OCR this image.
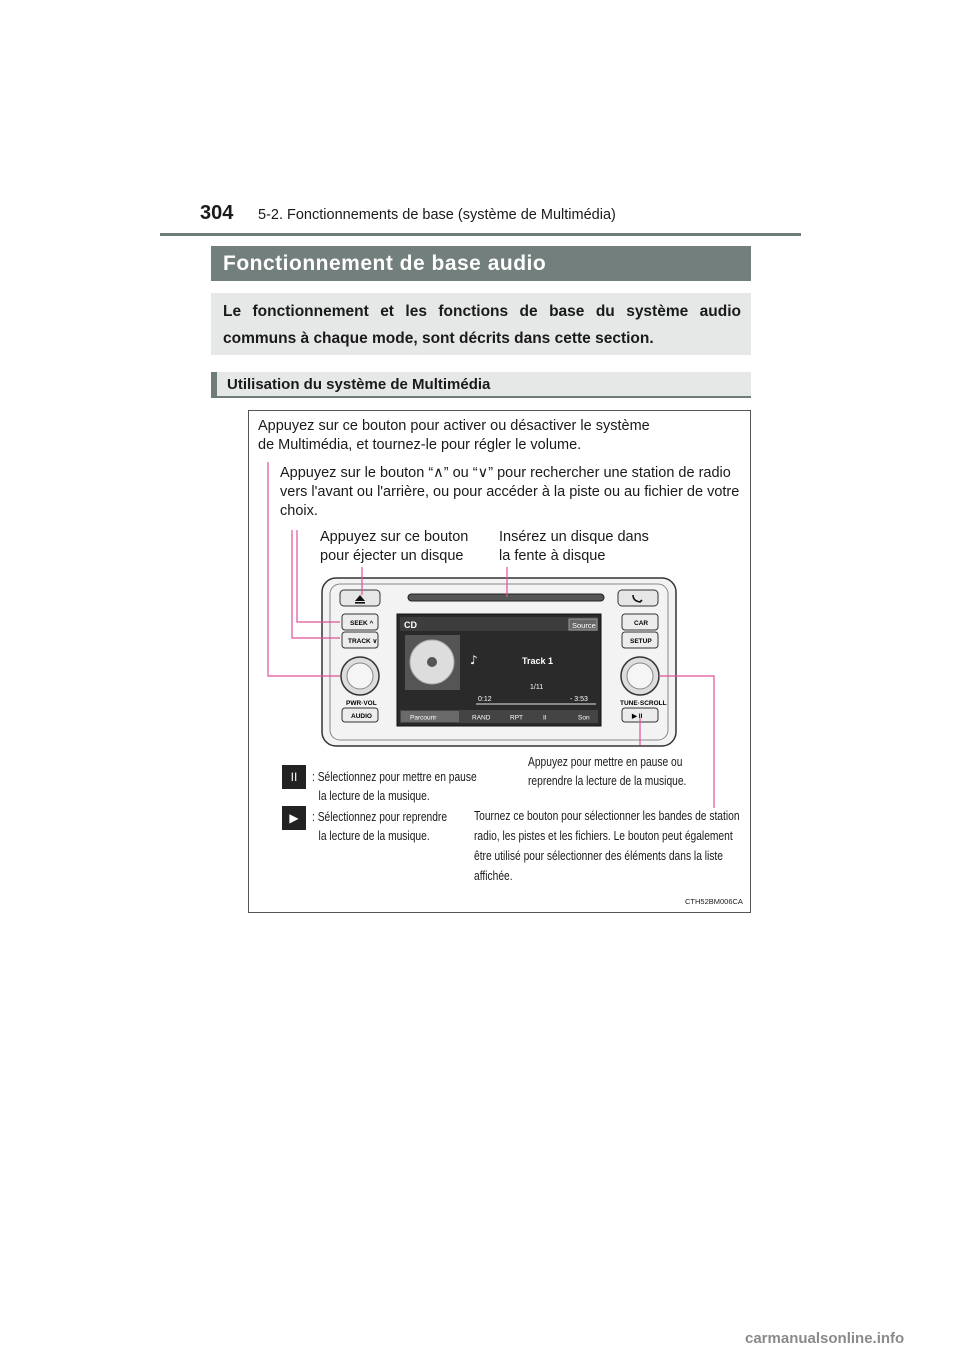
304 5-2. Fonctionnements de base (système de Multimédia)
Fonctionnement de base audio
Le fonctionnement et les fonctions de base du système audio communs à chaque mode, sont décrits dans cette section.
Utilisation du système de Multimédia
SEEK ^
TRACK ∨
PWR·VOL
AUDIO
CAR
SETUP
TUNE·SCROLL
▶ II
CD	Source
♪	Track 1
1/11
0:12	- 3:53
Parcourir	RAND	RPT	II	Son
Appuyez sur ce bouton pour activer ou désactiver le système
de Multimédia, et tournez-le pour régler le volume.
Appuyez sur le bouton “∧” ou “∨” pour rechercher une station de radio vers l'avant ou l'arrière, ou pour accéder à la piste ou au fichier de votre choix.
Appuyez sur ce bouton
pour éjecter un disque
Insérez un disque dans
la fente à disque
Appuyez pour mettre en pause ou
reprendre la lecture de la musique.
II	: Sélectionnez pour mettre en pause
la lecture de la musique.
▶	: Sélectionnez pour reprendre
la lecture de la musique.
Tournez ce bouton pour sélectionner les bandes de station
radio, les pistes et les fichiers. Le bouton peut également
être utilisé pour sélectionner des éléments dans la liste
affichée.
CTH52BM006CA
carmanualsonline.info
